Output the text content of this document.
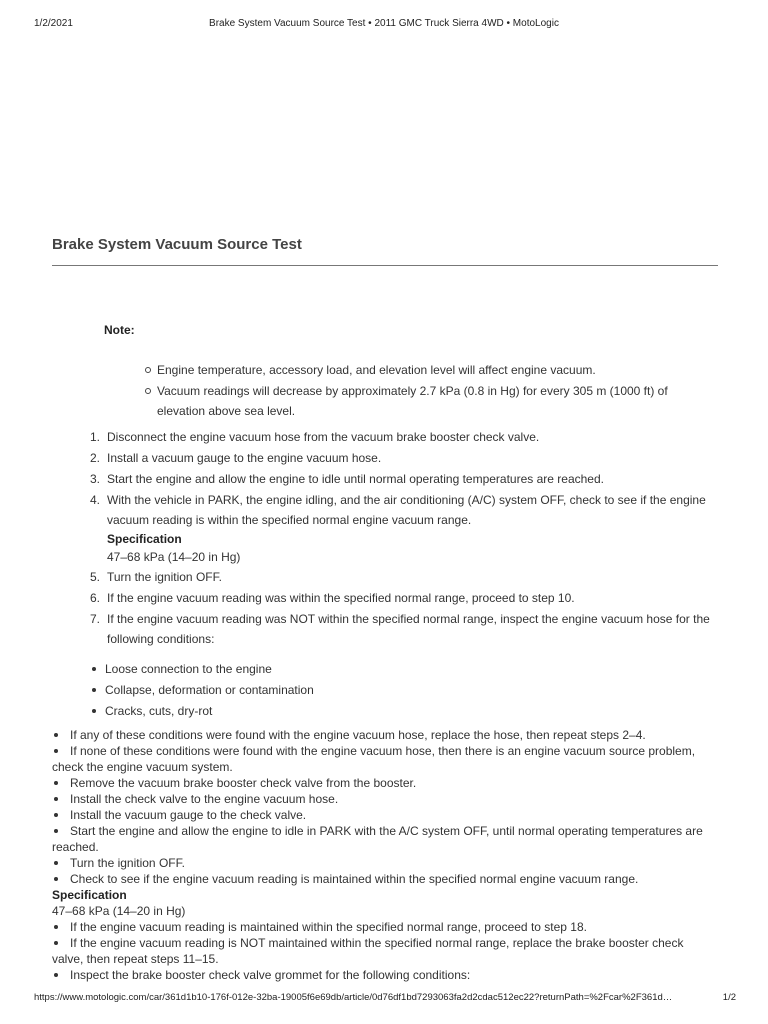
1/2/2021	Brake System Vacuum Source Test • 2011 GMC Truck Sierra 4WD • MotoLogic
Brake System Vacuum Source Test
Note:
Engine temperature, accessory load, and elevation level will affect engine vacuum.
Vacuum readings will decrease by approximately 2.7 kPa (0.8 in Hg) for every 305 m (1000 ft) of elevation above sea level.
1. Disconnect the engine vacuum hose from the vacuum brake booster check valve.
2. Install a vacuum gauge to the engine vacuum hose.
3. Start the engine and allow the engine to idle until normal operating temperatures are reached.
4. With the vehicle in PARK, the engine idling, and the air conditioning (A/C) system OFF, check to see if the engine vacuum reading is within the specified normal engine vacuum range.
Specification
47–68 kPa (14–20 in Hg)
5. Turn the ignition OFF.
6. If the engine vacuum reading was within the specified normal range, proceed to step 10.
7. If the engine vacuum reading was NOT within the specified normal range, inspect the engine vacuum hose for the following conditions:
Loose connection to the engine
Collapse, deformation or contamination
Cracks, cuts, dry-rot
If any of these conditions were found with the engine vacuum hose, replace the hose, then repeat steps 2–4.
If none of these conditions were found with the engine vacuum hose, then there is an engine vacuum source problem, check the engine vacuum system.
Remove the vacuum brake booster check valve from the booster.
Install the check valve to the engine vacuum hose.
Install the vacuum gauge to the check valve.
Start the engine and allow the engine to idle in PARK with the A/C system OFF, until normal operating temperatures are reached.
Turn the ignition OFF.
Check to see if the engine vacuum reading is maintained within the specified normal engine vacuum range.
Specification
47–68 kPa (14–20 in Hg)
If the engine vacuum reading is maintained within the specified normal range, proceed to step 18.
If the engine vacuum reading is NOT maintained within the specified normal range, replace the brake booster check valve, then repeat steps 11–15.
Inspect the brake booster check valve grommet for the following conditions:
https://www.motologic.com/car/361d1b10-176f-012e-32ba-19005f6e69db/article/0d76df1bd7293063fa2d2cdac512ec22?returnPath=%2Fcar%2F361d…	1/2
